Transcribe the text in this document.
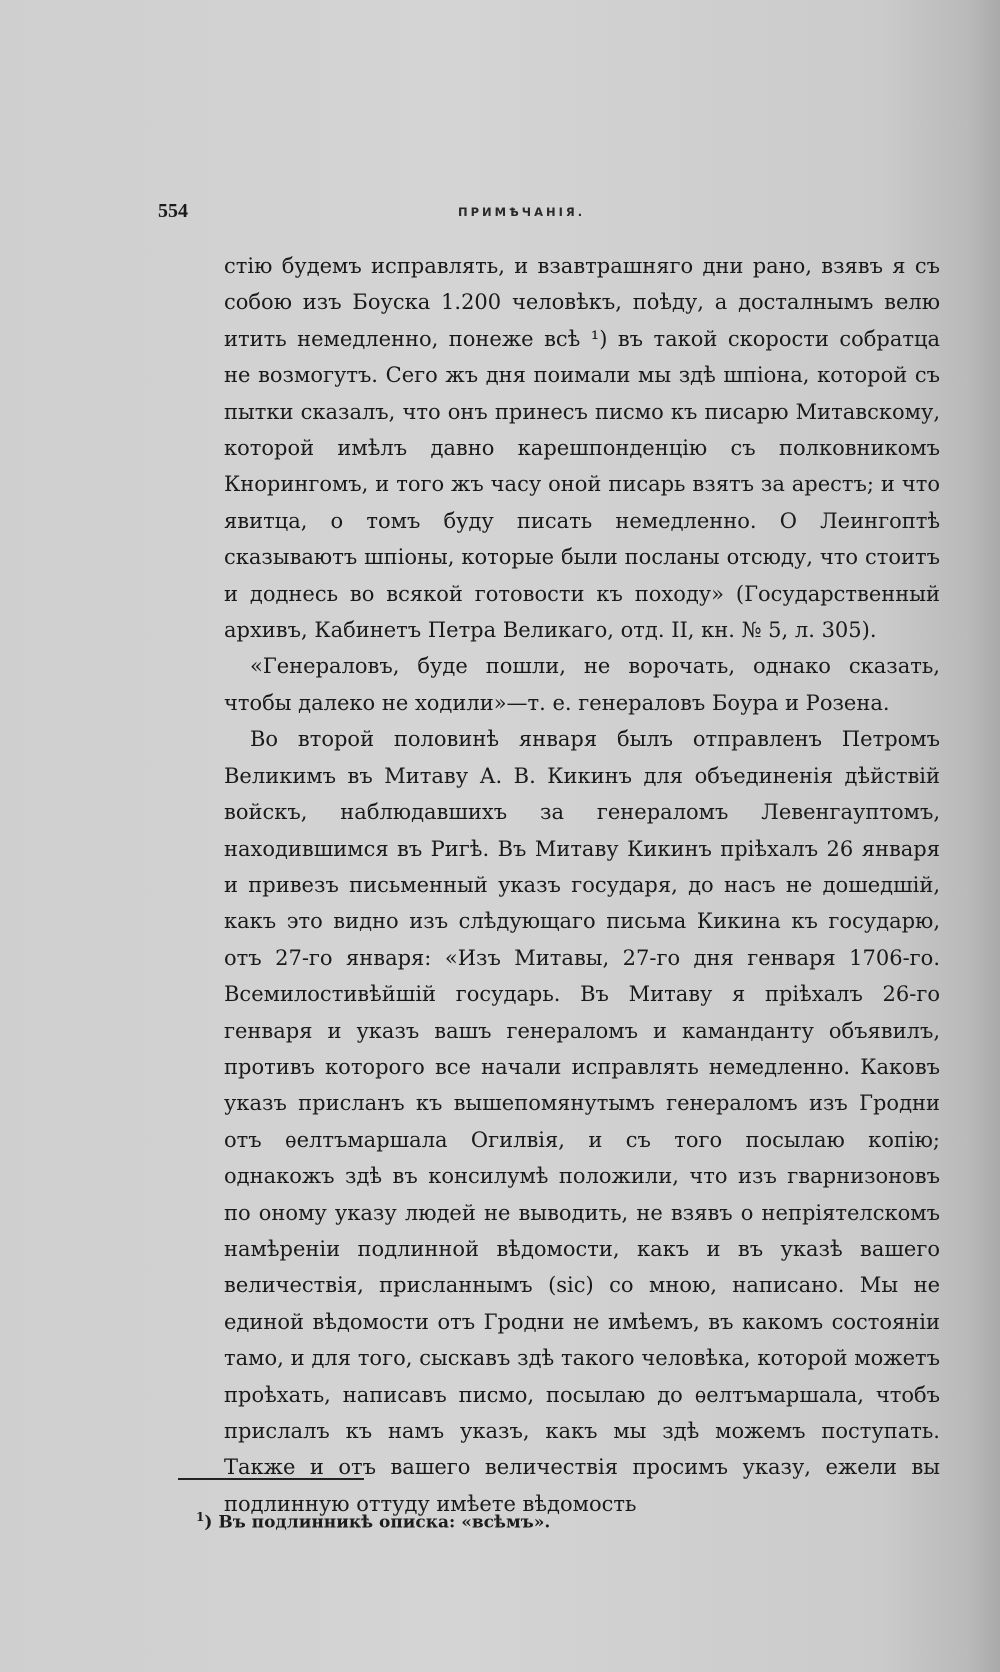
554	ПРИМѢЧАНІЯ.

стію будемъ исправлять, и взавтрашняго дни рано, взявъ я съ собою изъ Боуска 1.200 человѣкъ, поѣду, а досталнымъ велю итить немедленно, понеже всѣ ¹) въ такой скорости собратца не возмогутъ. Сего жъ дня поимали мы здѣ шпіона, которой съ пытки сказалъ, что онъ принесъ писмо къ писарю Митавскому, которой имѣлъ давно карешпонденцію съ полковникомъ Кнорингомъ, и того жъ часу оной писарь взятъ за арестъ; и что явитца, о томъ буду писать немедленно. О Леингоптѣ сказываютъ шпіоны, которые были посланы отсюду, что стоитъ и доднесь во всякой готовости къ походу» (Государственный архивъ, Кабинетъ Петра Великаго, отд. II, кн. № 5, л. 305).

«Генераловъ, буде пошли, не ворочать, однако сказать, чтобы далеко не ходили»—т. е. генераловъ Боура и Розена.

Во второй половинѣ января былъ отправленъ Петромъ Великимъ въ Митаву А. В. Кикинъ для объединенія дѣйствій войскъ, наблюдавшихъ за генераломъ Левенгауптомъ, находившимся въ Ригѣ. Въ Митаву Кикинъ пріѣхалъ 26 января и привезъ письменный указъ государя, до насъ не дошедшій, какъ это видно изъ слѣдующаго письма Кикина къ государю, отъ 27-го января: «Изъ Митавы, 27-го дня генваря 1706-го. Всемилостивѣйшій государь. Въ Митаву я пріѣхалъ 26-го генваря и указъ вашъ генераломъ и каманданту объявилъ, противъ которого все начали исправлять немедленно. Каковъ указъ присланъ къ вышепомянутымъ генераломъ изъ Гродни отъ ѳелтъмаршала Огилвія, и съ того посылаю копію; однакожъ здѣ въ консилумѣ положили, что изъ гварнизоновъ по оному указу людей не выводить, не взявъ о непріятелскомъ намѣреніи подлинной вѣдомости, какъ и въ указѣ вашего величествія, присланнымъ (sic) со мною, написано. Мы не единой вѣдомости отъ Гродни не имѣемъ, въ какомъ состояніи тамо, и для того, сыскавъ здѣ такого человѣка, которой можетъ проѣхать, написавъ писмо, посылаю до ѳелтъмаршала, чтобъ прислалъ къ намъ указъ, какъ мы здѣ можемъ поступать. Также и отъ вашего величествія просимъ указу, ежели вы подлинную оттуду имѣете вѣдомость

$^1$) Въ подлинникѣ описка: «всѣмъ».
